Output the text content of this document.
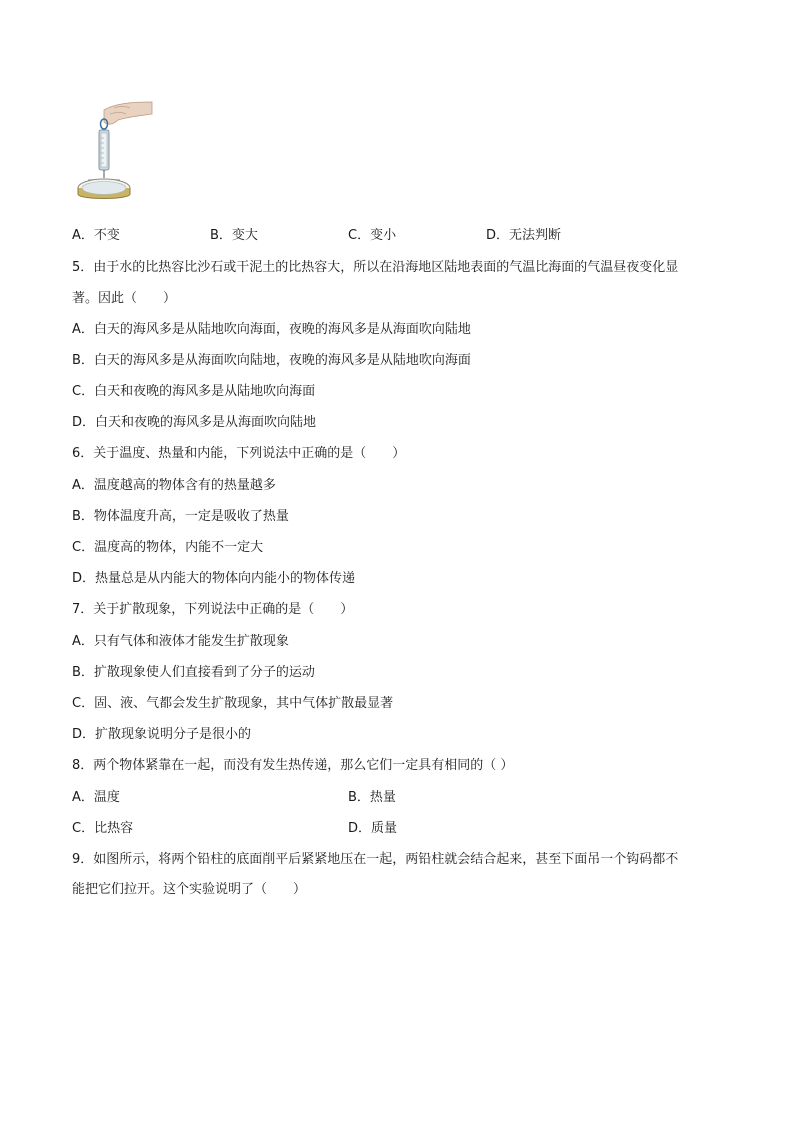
A．不变	B．变大	C．变小	D．无法判断
5．由于水的比热容比沙石或干泥土的比热容大，所以在沿海地区陆地表面的气温比海面的气温昼夜变化显
著。因此（　　）
A．白天的海风多是从陆地吹向海面，夜晚的海风多是从海面吹向陆地
B．白天的海风多是从海面吹向陆地，夜晚的海风多是从陆地吹向海面
C．白天和夜晚的海风多是从陆地吹向海面
D．白天和夜晚的海风多是从海面吹向陆地
6．关于温度、热量和内能，下列说法中正确的是（　　）
A．温度越高的物体含有的热量越多
B．物体温度升高，一定是吸收了热量
C．温度高的物体，内能不一定大
D．热量总是从内能大的物体向内能小的物体传递
7．关于扩散现象，下列说法中正确的是（　　）
A．只有气体和液体才能发生扩散现象
B．扩散现象使人们直接看到了分子的运动
C．固、液、气都会发生扩散现象，其中气体扩散最显著
D．扩散现象说明分子是很小的
8．两个物体紧靠在一起，而没有发生热传递，那么它们一定具有相同的（ ）
A．温度	B．热量
C．比热容	D．质量
9．如图所示，将两个铅柱的底面削平后紧紧地压在一起，两铅柱就会结合起来，甚至下面吊一个钩码都不
能把它们拉开。这个实验说明了（　　）
